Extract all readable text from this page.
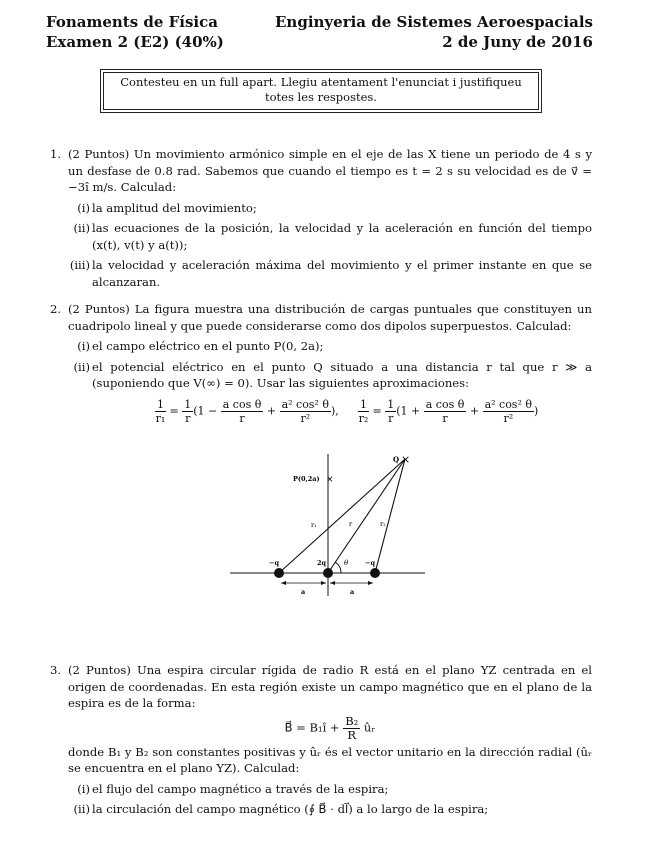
Fonaments de Física
Examen 2 (E2) (40%)
Enginyeria de Sistemes Aeroespacials
2 de Juny de 2016
Contesteu en un full apart. Llegiu atentament l'enunciat i justifiqueu totes les respostes.
1. (2 Puntos) Un movimiento armónico simple en el eje de las X tiene un periodo de 4 s y un desfase de 0.8 rad. Sabemos que cuando el tiempo es t = 2 s su velocidad es de v⃗ = −3î m/s. Calculad:
(i) la amplitud del movimiento;
(ii) las ecuaciones de la posición, la velocidad y la aceleración en función del tiempo (x(t), v(t) y a(t));
(iii) la velocidad y aceleración máxima del movimiento y el primer instante en que se alcanzaran.
2. (2 Puntos) La figura muestra una distribución de cargas puntuales que constituyen un cuadripolo lineal y que puede considerarse como dos dipolos superpuestos. Calculad:
(i) el campo eléctrico en el punto P(0, 2a);
(ii) el potencial eléctrico en el punto Q situado a una distancia r tal que r ≫ a (suponiendo que V(∞) = 0). Usar las siguientes aproximaciones:
$\frac{1}{\text{r₁}} = \frac{1}{r} (1 - \frac{\text{a cos θ}}{r} + \frac{\text{a² cos² θ}}{\text{r²}}$ ), $\frac{1}{\text{r₂}} = \frac{1}{r} (1 + \frac{\text{a cos θ}}{r} + \frac{\text{a² cos² θ}}{\text{r²}}$ )
×
×
Q
P(0,2a)
r₁	r	r₂
−q	2q	−q
θ
a	a
3. (2 Puntos) Una espira circular rígida de radio R está en el plano YZ centrada en el origen de coordenadas. En esta región existe un campo magnético que en el plano de la espira es de la forma:
B⃗ = B₁î + $\frac{\text{B₂}}{R}$ ûᵣ
donde B₁ y B₂ son constantes positivas y ûᵣ és el vector unitario en la dirección radial (ûᵣ se encuentra en el plano YZ). Calculad:
(i) el flujo del campo magnético a través de la espira;
(ii) la circulación del campo magnético (∮ B⃗ · dl⃗) a lo largo de la espira;
